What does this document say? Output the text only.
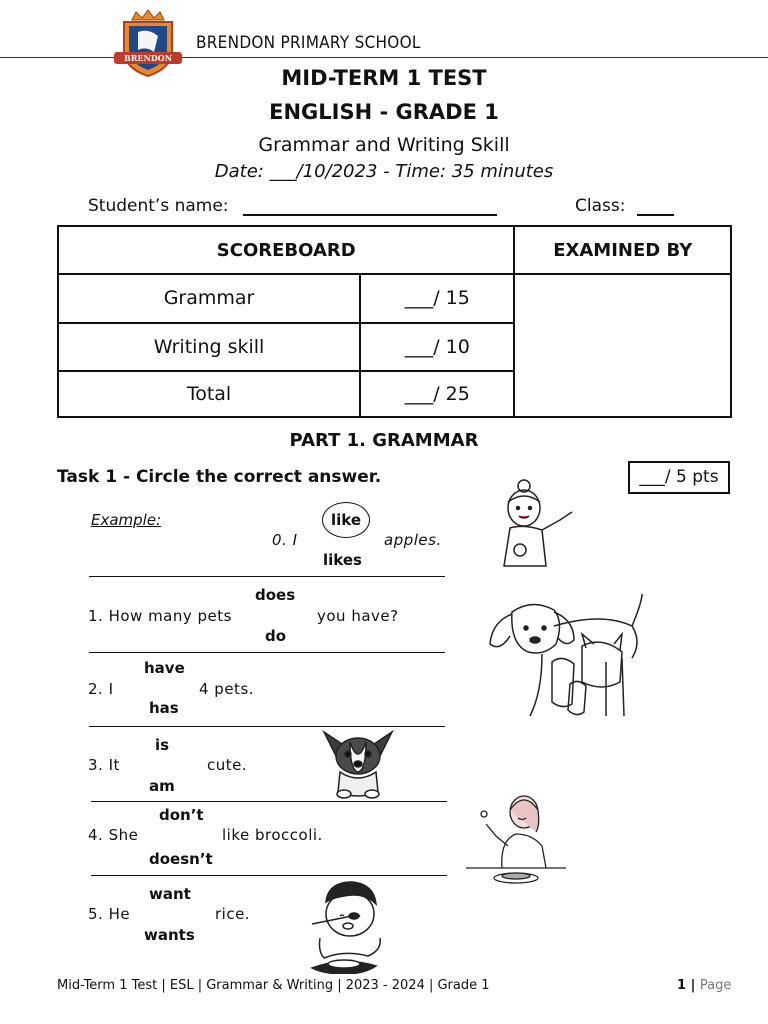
BRENDON
BRENDON PRIMARY SCHOOL
MID-TERM 1 TEST
ENGLISH - GRADE 1
Grammar and Writing Skill
Date: ___/10/2023 - Time: 35 minutes
Student’s name:	Class:
SCOREBOARD		EXAMINED BY
Grammar	___/ 15	
Writing skill	___/ 10	
Total	___/ 25	
PART 1. GRAMMAR
Task 1 - Circle the correct answer.	___/ 5 pts
Example:
0. I
like
apples.
likes
does
1. How many pets	you have?
do
have
2. I	4 pets.
has
is
3. It	cute.
am
don’t
4. She	like broccoli.
doesn’t
want
5. He	rice.
wants
Mid-Term 1 Test | ESL | Grammar & Writing | 2023 - 2024 | Grade 1	1 | Page
